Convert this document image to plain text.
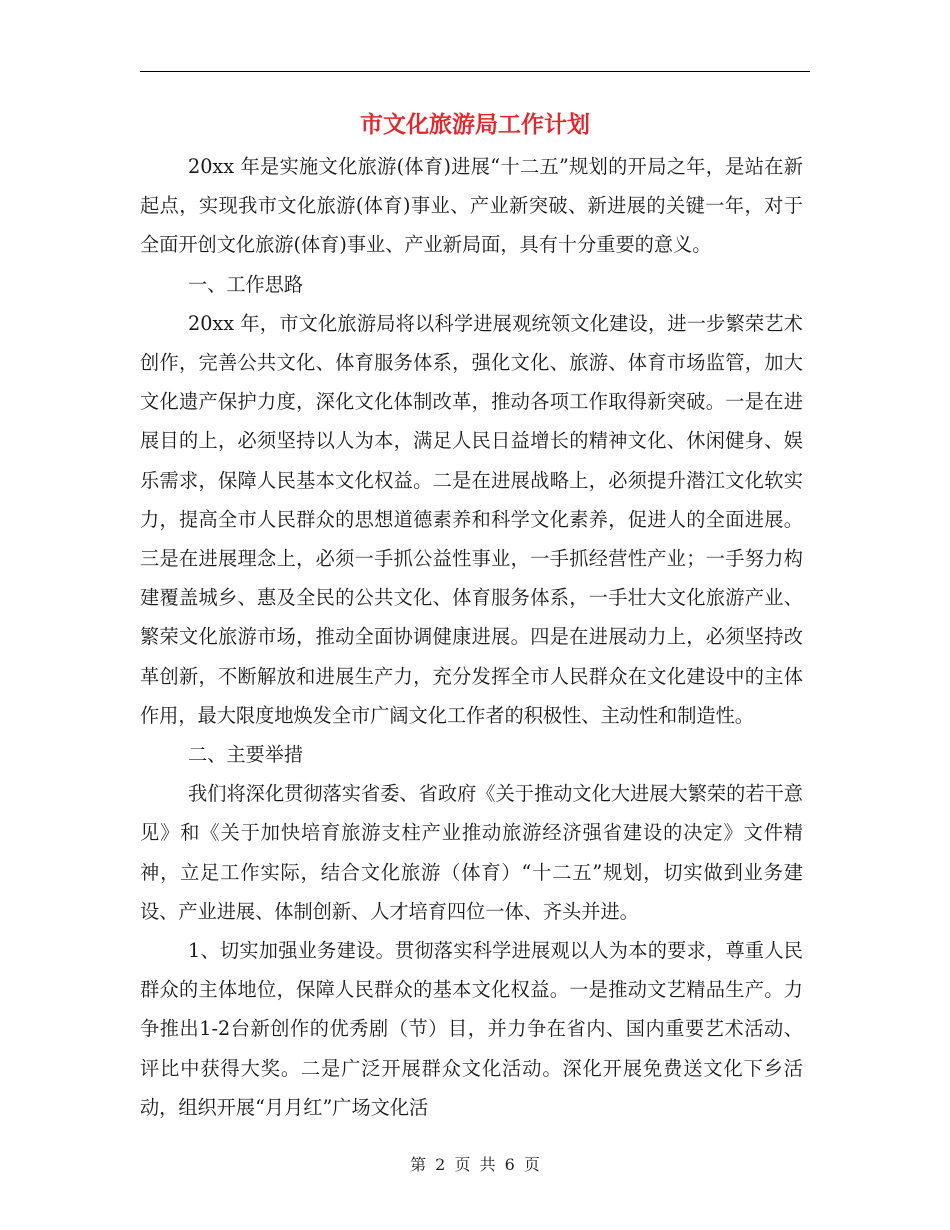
市文化旅游局工作计划

20xx 年是实施文化旅游(体育)进展“十二五”规划的开局之年，是站在新起点，实现我市文化旅游(体育)事业、产业新突破、新进展的关键一年，对于全面开创文化旅游(体育)事业、产业新局面，具有十分重要的意义。

一、工作思路

20xx 年，市文化旅游局将以科学进展观统领文化建设，进一步繁荣艺术创作，完善公共文化、体育服务体系，强化文化、旅游、体育市场监管，加大文化遗产保护力度，深化文化体制改革，推动各项工作取得新突破。一是在进展目的上，必须坚持以人为本，满足人民日益增长的精神文化、休闲健身、娱乐需求，保障人民基本文化权益。二是在进展战略上，必须提升潜江文化软实力，提高全市人民群众的思想道德素养和科学文化素养，促进人的全面进展。三是在进展理念上，必须一手抓公益性事业，一手抓经营性产业；一手努力构建覆盖城乡、惠及全民的公共文化、体育服务体系，一手壮大文化旅游产业、繁荣文化旅游市场，推动全面协调健康进展。四是在进展动力上，必须坚持改革创新，不断解放和进展生产力，充分发挥全市人民群众在文化建设中的主体作用，最大限度地焕发全市广阔文化工作者的积极性、主动性和制造性。

二、主要举措

我们将深化贯彻落实省委、省政府《关于推动文化大进展大繁荣的若干意见》和《关于加快培育旅游支柱产业推动旅游经济强省建设的决定》文件精神，立足工作实际，结合文化旅游（体育）“十二五”规划，切实做到业务建设、产业进展、体制创新、人才培育四位一体、齐头并进。

1、切实加强业务建设。贯彻落实科学进展观以人为本的要求，尊重人民群众的主体地位，保障人民群众的基本文化权益。一是推动文艺精品生产。力争推出1-2台新创作的优秀剧（节）目，并力争在省内、国内重要艺术活动、评比中获得大奖。二是广泛开展群众文化活动。深化开展免费送文化下乡活动，组织开展“月月红”广场文化活

第 2 页 共 6 页
